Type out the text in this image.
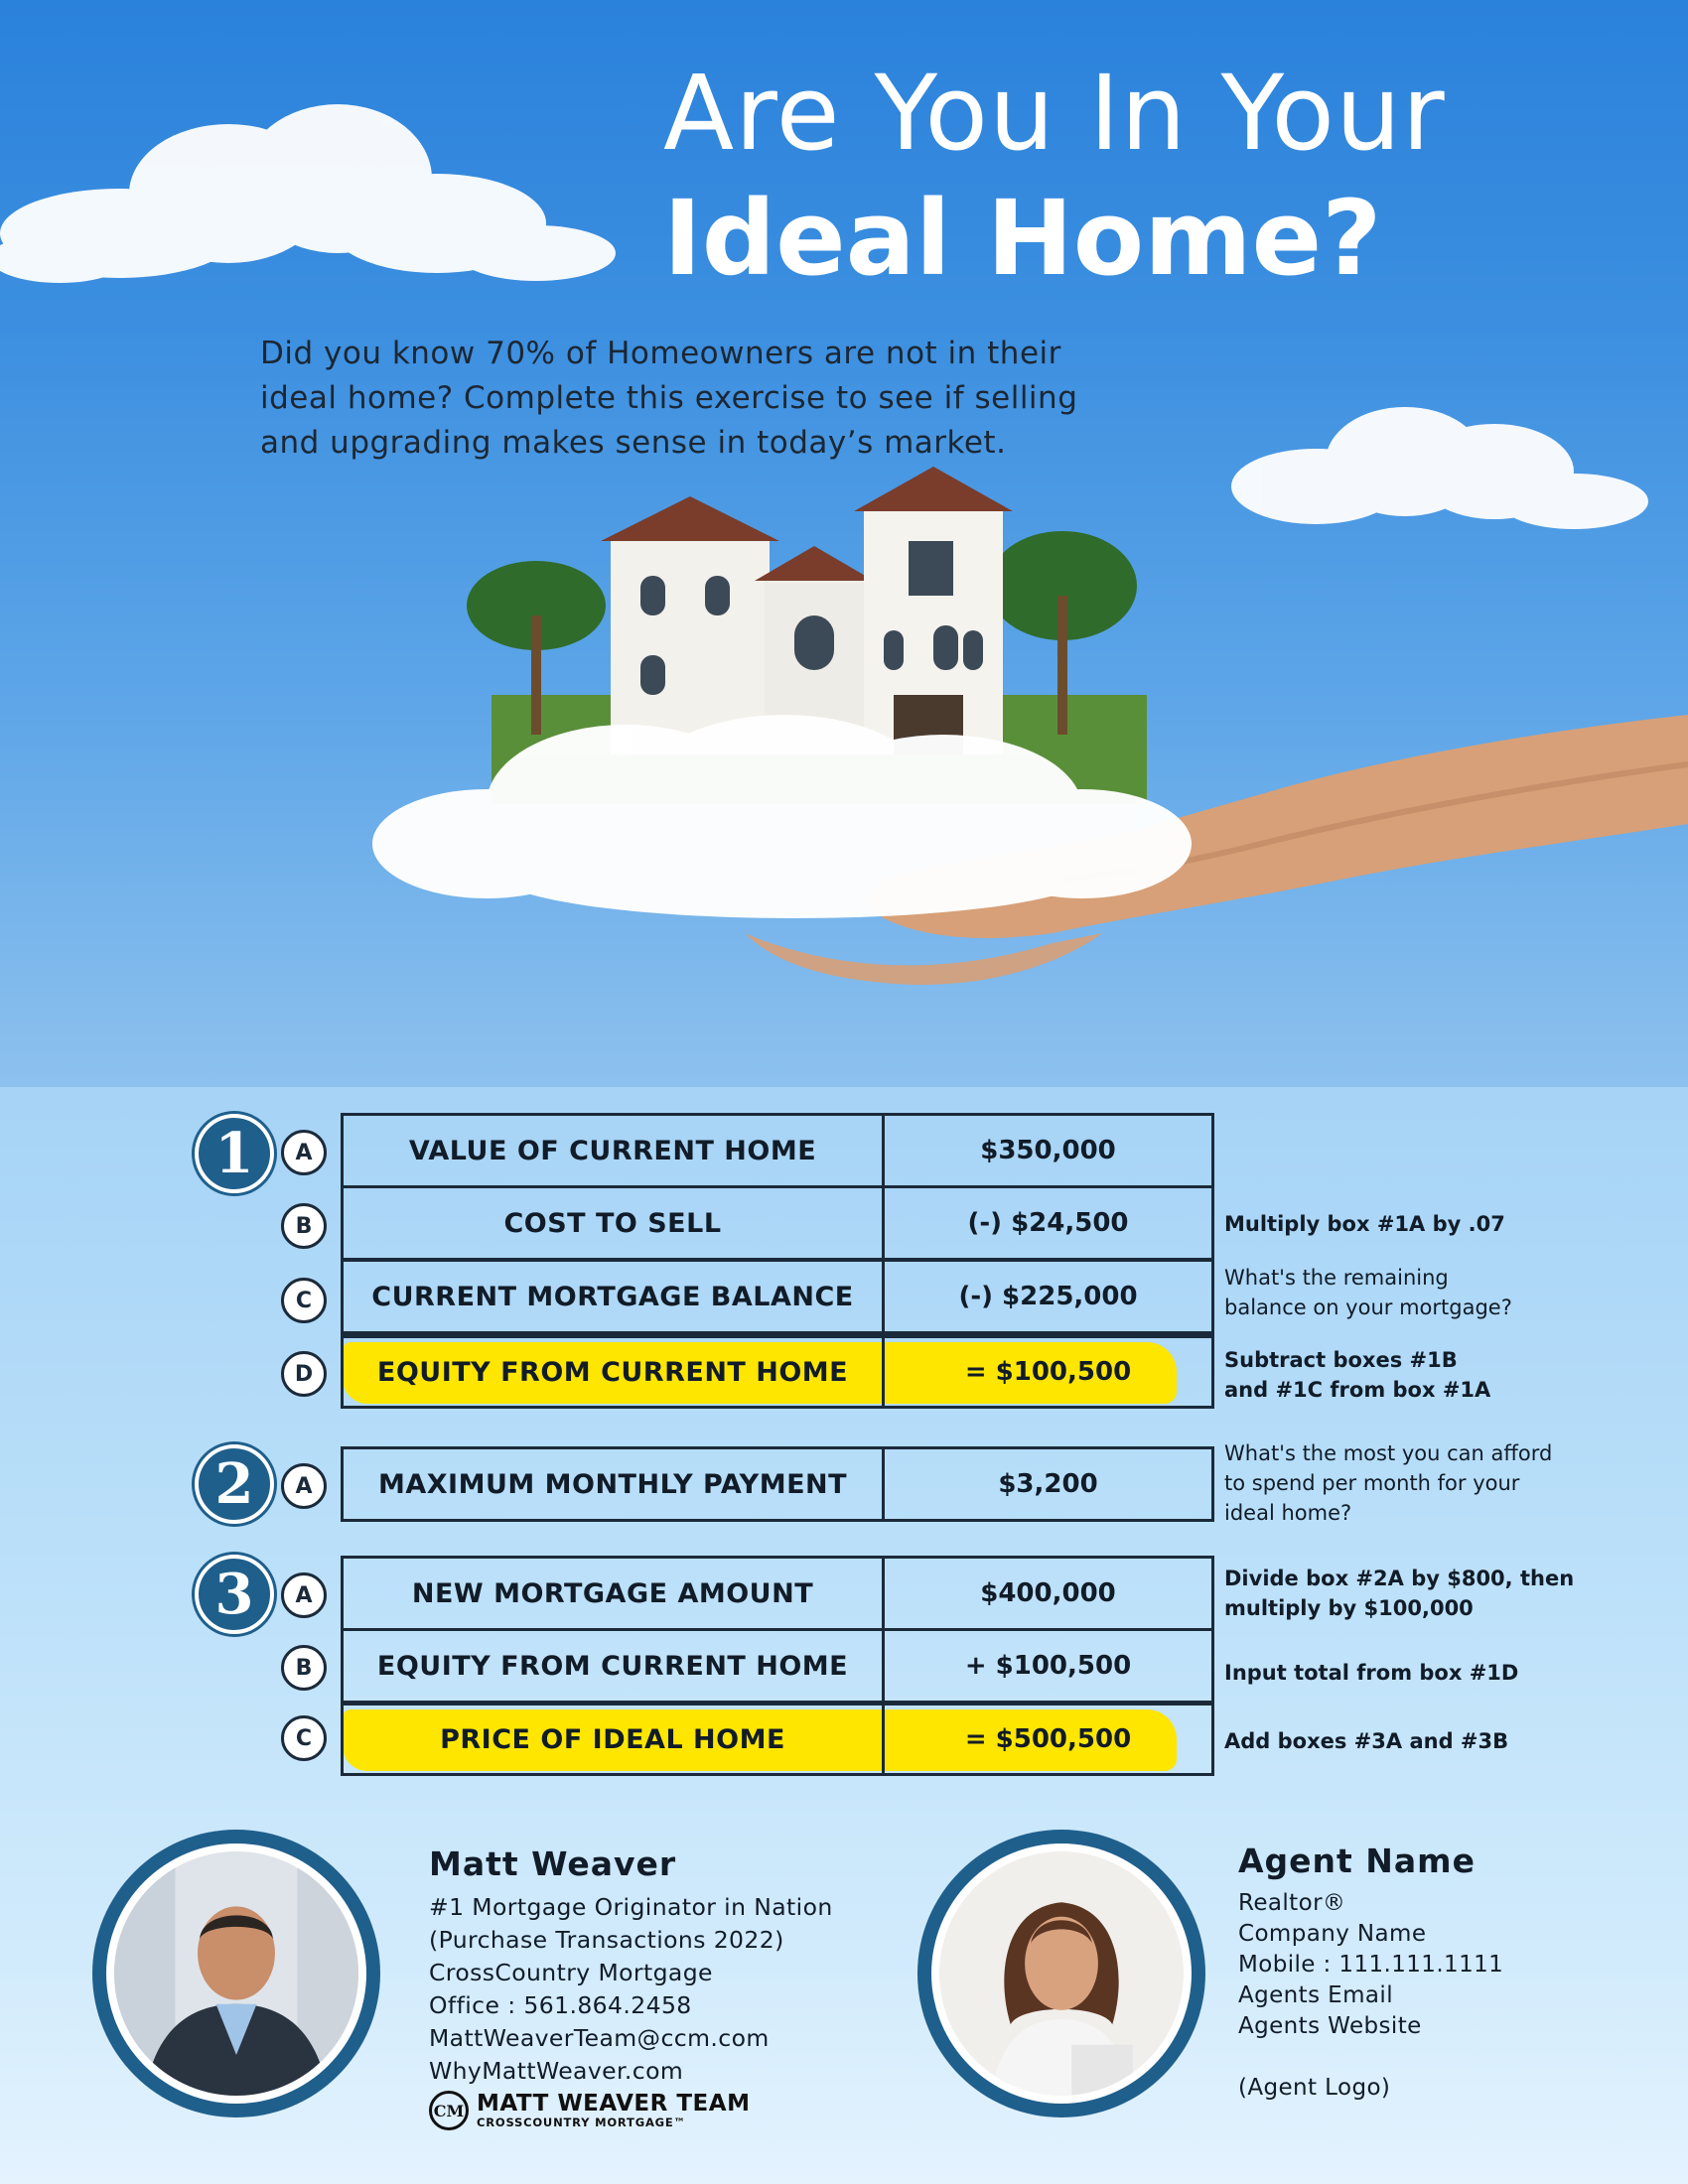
Are You In Your
Ideal Home?
Did you know 70% of Homeowners are not in their
ideal home? Complete this exercise to see if selling
and upgrading makes sense in today’s market.
1	A	VALUE OF CURRENT HOME	$350,000
B	COST TO SELL	(-) $24,500	Multiply box #1A by .07
C	CURRENT MORTGAGE BALANCE	(-) $225,000
What's the remaining
balance on your mortgage?
D	EQUITY FROM CURRENT HOME	= $100,500	Subtract boxes #1B
and #1C from box #1A
2	A	MAXIMUM MONTHLY PAYMENT	$3,200
What's the most you can afford
to spend per month for your
ideal home?
3	A	NEW MORTGAGE AMOUNT	$400,000	Divide box #2A by $800, then
multiply by $100,000
B	EQUITY FROM CURRENT HOME	+ $100,500	Input total from box #1D
C	PRICE OF IDEAL HOME	= $500,500	Add boxes #3A and #3B
Matt Weaver
#1 Mortgage Originator in Nation
(Purchase Transactions 2022)
CrossCountry Mortgage
Office : 561.864.2458
MattWeaverTeam@ccm.com
WhyMattWeaver.com
CM MATT WEAVER TEAM
CROSSCOUNTRY MORTGAGE™
Agent Name
Realtor®
Company Name
Mobile : 111.111.1111
Agents Email
Agents Website
(Agent Logo)
